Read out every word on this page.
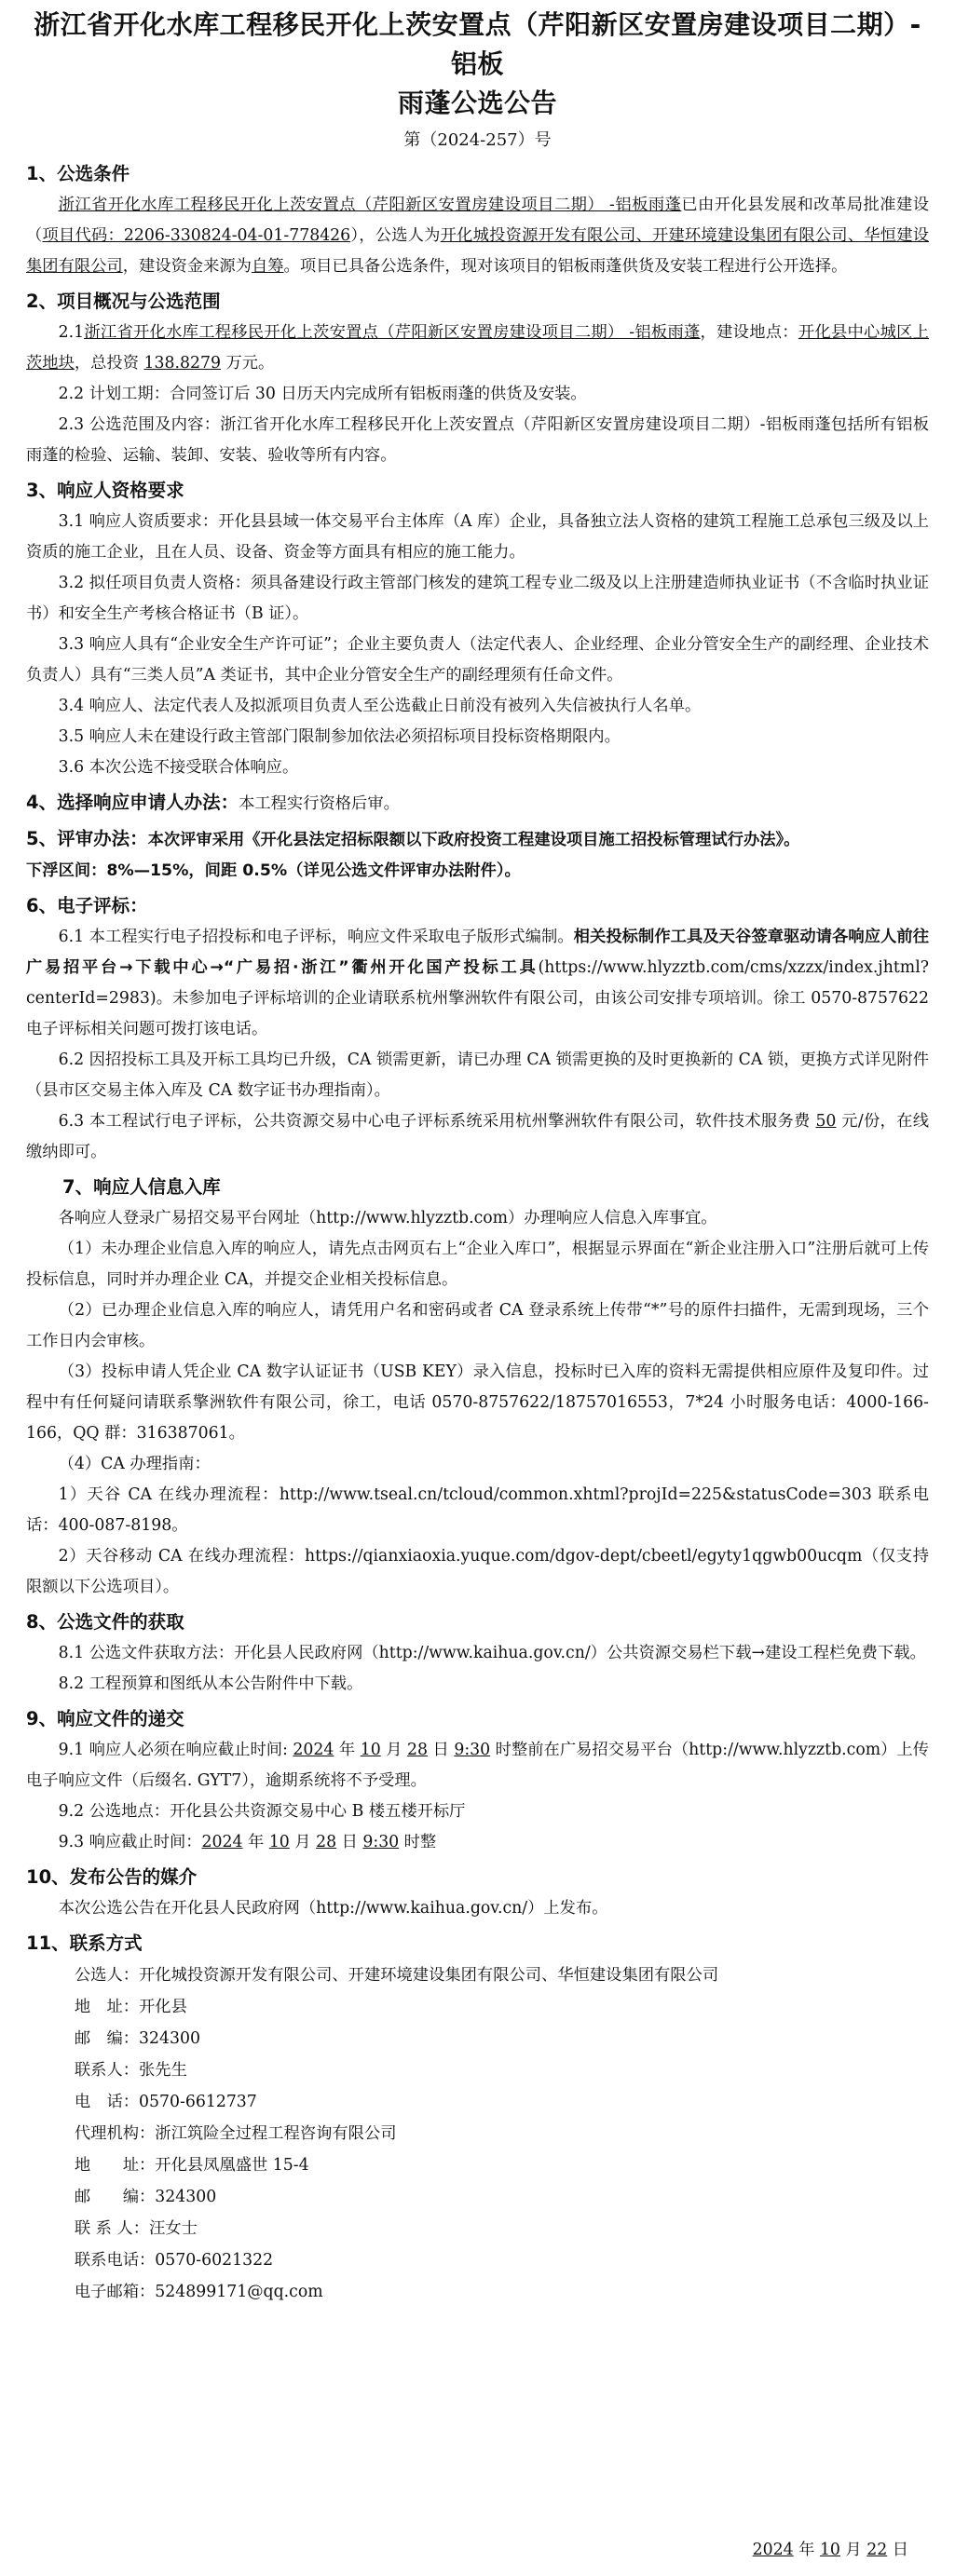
浙江省开化水库工程移民开化上茨安置点（芹阳新区安置房建设项目二期）-铝板
雨蓬公选公告
第（2024-257）号
1、公选条件

浙江省开化水库工程移民开化上茨安置点（芹阳新区安置房建设项目二期） -铝板雨蓬已由开化县发展和改革局批准建设（项目代码：2206-330824-04-01-778426），公选人为开化城投资源开发有限公司、开建环境建设集团有限公司、华恒建设集团有限公司，建设资金来源为自筹。项目已具备公选条件，现对该项目的铝板雨蓬供货及安装工程进行公开选择。

2、项目概况与公选范围

2.1浙江省开化水库工程移民开化上茨安置点（芹阳新区安置房建设项目二期） -铝板雨蓬，建设地点：开化县中心城区上茨地块，总投资 138.8279 万元。

2.2 计划工期：合同签订后 30 日历天内完成所有铝板雨蓬的供货及安装。

2.3 公选范围及内容：浙江省开化水库工程移民开化上茨安置点（芹阳新区安置房建设项目二期）-铝板雨蓬包括所有铝板雨蓬的检验、运输、装卸、安装、验收等所有内容。

3、响应人资格要求

3.1 响应人资质要求：开化县县域一体交易平台主体库（A 库）企业，具备独立法人资格的建筑工程施工总承包三级及以上资质的施工企业，且在人员、设备、资金等方面具有相应的施工能力。

3.2 拟任项目负责人资格：须具备建设行政主管部门核发的建筑工程专业二级及以上注册建造师执业证书（不含临时执业证书）和安全生产考核合格证书（B 证）。

3.3 响应人具有“企业安全生产许可证”；企业主要负责人（法定代表人、企业经理、企业分管安全生产的副经理、企业技术负责人）具有“三类人员”A 类证书，其中企业分管安全生产的副经理须有任命文件。

3.4 响应人、法定代表人及拟派项目负责人至公选截止日前没有被列入失信被执行人名单。

3.5 响应人未在建设行政主管部门限制参加依法必须招标项目投标资格期限内。

3.6 本次公选不接受联合体响应。

4、选择响应申请人办法：本工程实行资格后审。
5、评审办法：本次评审采用《开化县法定招标限额以下政府投资工程建设项目施工招投标管理试行办法》。

下浮区间：8%—15%，间距 0.5%（详见公选文件评审办法附件）。

6、电子评标：

6.1 本工程实行电子招投标和电子评标，响应文件采取电子版形式编制。相关投标制作工具及天谷签章驱动请各响应人前往广易招平台→下载中心→“广易招·浙江”衢州开化国产投标工具(https://www.hlyzztb.com/cms/xzzx/index.jhtml?centerId=2983)。未参加电子评标培训的企业请联系杭州擎洲软件有限公司，由该公司安排专项培训。徐工 0570-8757622　电子评标相关问题可拨打该电话。

6.2 因招投标工具及开标工具均已升级，CA 锁需更新，请已办理 CA 锁需更换的及时更换新的 CA 锁，更换方式详见附件（县市区交易主体入库及 CA 数字证书办理指南）。

6.3 本工程试行电子评标，公共资源交易中心电子评标系统采用杭州擎洲软件有限公司，软件技术服务费 50 元/份，在线缴纳即可。

7、响应人信息入库

各响应人登录广易招交易平台网址（http://www.hlyzztb.com）办理响应人信息入库事宜。

（1）未办理企业信息入库的响应人，请先点击网页右上“企业入库口”，根据显示界面在“新企业注册入口”注册后就可上传投标信息，同时并办理企业 CA，并提交企业相关投标信息。

（2）已办理企业信息入库的响应人，请凭用户名和密码或者 CA 登录系统上传带“*”号的原件扫描件，无需到现场，三个工作日内会审核。

（3）投标申请人凭企业 CA 数字认证证书（USB KEY）录入信息，投标时已入库的资料无需提供相应原件及复印件。过程中有任何疑问请联系擎洲软件有限公司，徐工，电话 0570-8757622/18757016553，7*24 小时服务电话：4000-166-166，QQ 群：316387061。

（4）CA 办理指南：

1）天谷 CA 在线办理流程：http://www.tseal.cn/tcloud/common.xhtml?projId=225&statusCode=303 联系电话：400-087-8198。

2）天谷移动 CA 在线办理流程：https://qianxiaoxia.yuque.com/dgov-dept/cbeetl/egyty1qgwb00ucqm（仅支持限额以下公选项目）。

8、公选文件的获取

8.1 公选文件获取方法：开化县人民政府网（http://www.kaihua.gov.cn/）公共资源交易栏下载→建设工程栏免费下载。

8.2 工程预算和图纸从本公告附件中下载。

9、响应文件的递交

9.1 响应人必须在响应截止时间: 2024 年 10 月 28 日 9:30 时整前在广易招交易平台（http://www.hlyzztb.com）上传电子响应文件（后缀名. GYT7），逾期系统将不予受理。

9.2 公选地点：开化县公共资源交易中心 B 楼五楼开标厅

9.3 响应截止时间：2024 年 10 月 28 日 9:30 时整

10、发布公告的媒介

本次公选公告在开化县人民政府网（http://www.kaihua.gov.cn/）上发布。

11、联系方式

公选人：开化城投资源开发有限公司、开建环境建设集团有限公司、华恒建设集团有限公司

地　址：开化县

邮　编：324300

联系人：张先生

电　话：0570-6612737

代理机构：浙江筑险全过程工程咨询有限公司

地　　址：开化县凤凰盛世 15-4

邮　　编：324300

联 系 人：汪女士

联系电话：0570-6021322

电子邮箱：524899171@qq.com

2024 年 10 月 22 日
